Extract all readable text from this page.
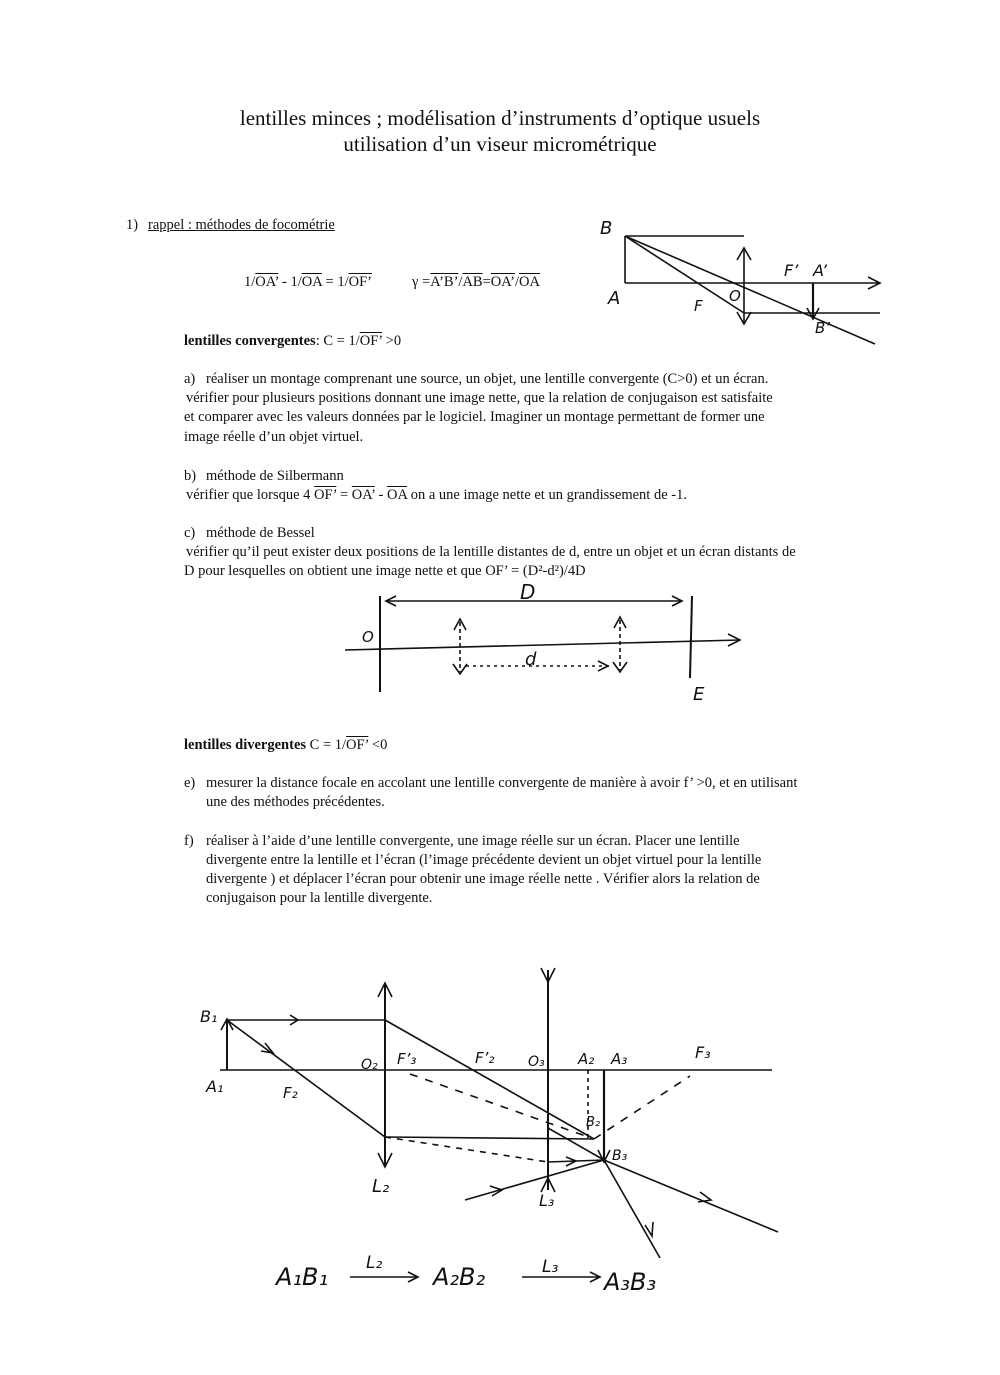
lentilles minces ; modélisation d’instruments d’optique usuels
utilisation d’un viseur micrométrique
1) rappel : méthodes de focométrie
1/OA’ - $1/\overline{OA} = 1/OF$’	$\gamma =A’B’/\overline{AB}=OA’/\overline{OA}$
lentilles convergentes: C = 1/OF’ >0
a) réaliser un montage comprenant une source, un objet, une lentille convergente (C>0) et un écran.
vérifier pour plusieurs positions donnant une image nette, que la relation de conjugaison est satisfaite
et comparer avec les valeurs données par le logiciel. Imaginer un montage permettant de former une
image réelle d’un objet virtuel.
b) méthode de Silbermann
vérifier que lorsque 4 OF’ = OA’ - $\overline{OA}$ on a une image nette et un grandissement de -1.
c) méthode de Bessel
vérifier qu’il peut exister deux positions de la lentille distantes de d, entre un objet et un écran distants de
D pour lesquelles on obtient une image nette et que OF’ = (D²-d²)/4D
lentilles divergentes C = 1/OF’ <0
e) mesurer la distance focale en accolant une lentille convergente de manière à avoir f’ >0, et en utilisant
une des méthodes précédentes.
f) réaliser à l’aide d’une lentille convergente, une image réelle sur un écran. Placer une lentille
divergente entre la lentille et l’écran (l’image précédente devient un objet virtuel pour la lentille
divergente ) et déplacer l’écran pour obtenir une image réelle nette . Vérifier alors la relation de
conjugaison pour la lentille divergente.
B
A	F
O
F’ A’
B’
D
d
O
E
B₁
A₁	F₂
O₂ F’₃	F’₂ O₃ A₂ A₃	F₃
B₂
B₃
L₂
L₃
A₁B₁ L₂ A₂B₂	L₃
A₃B₃
